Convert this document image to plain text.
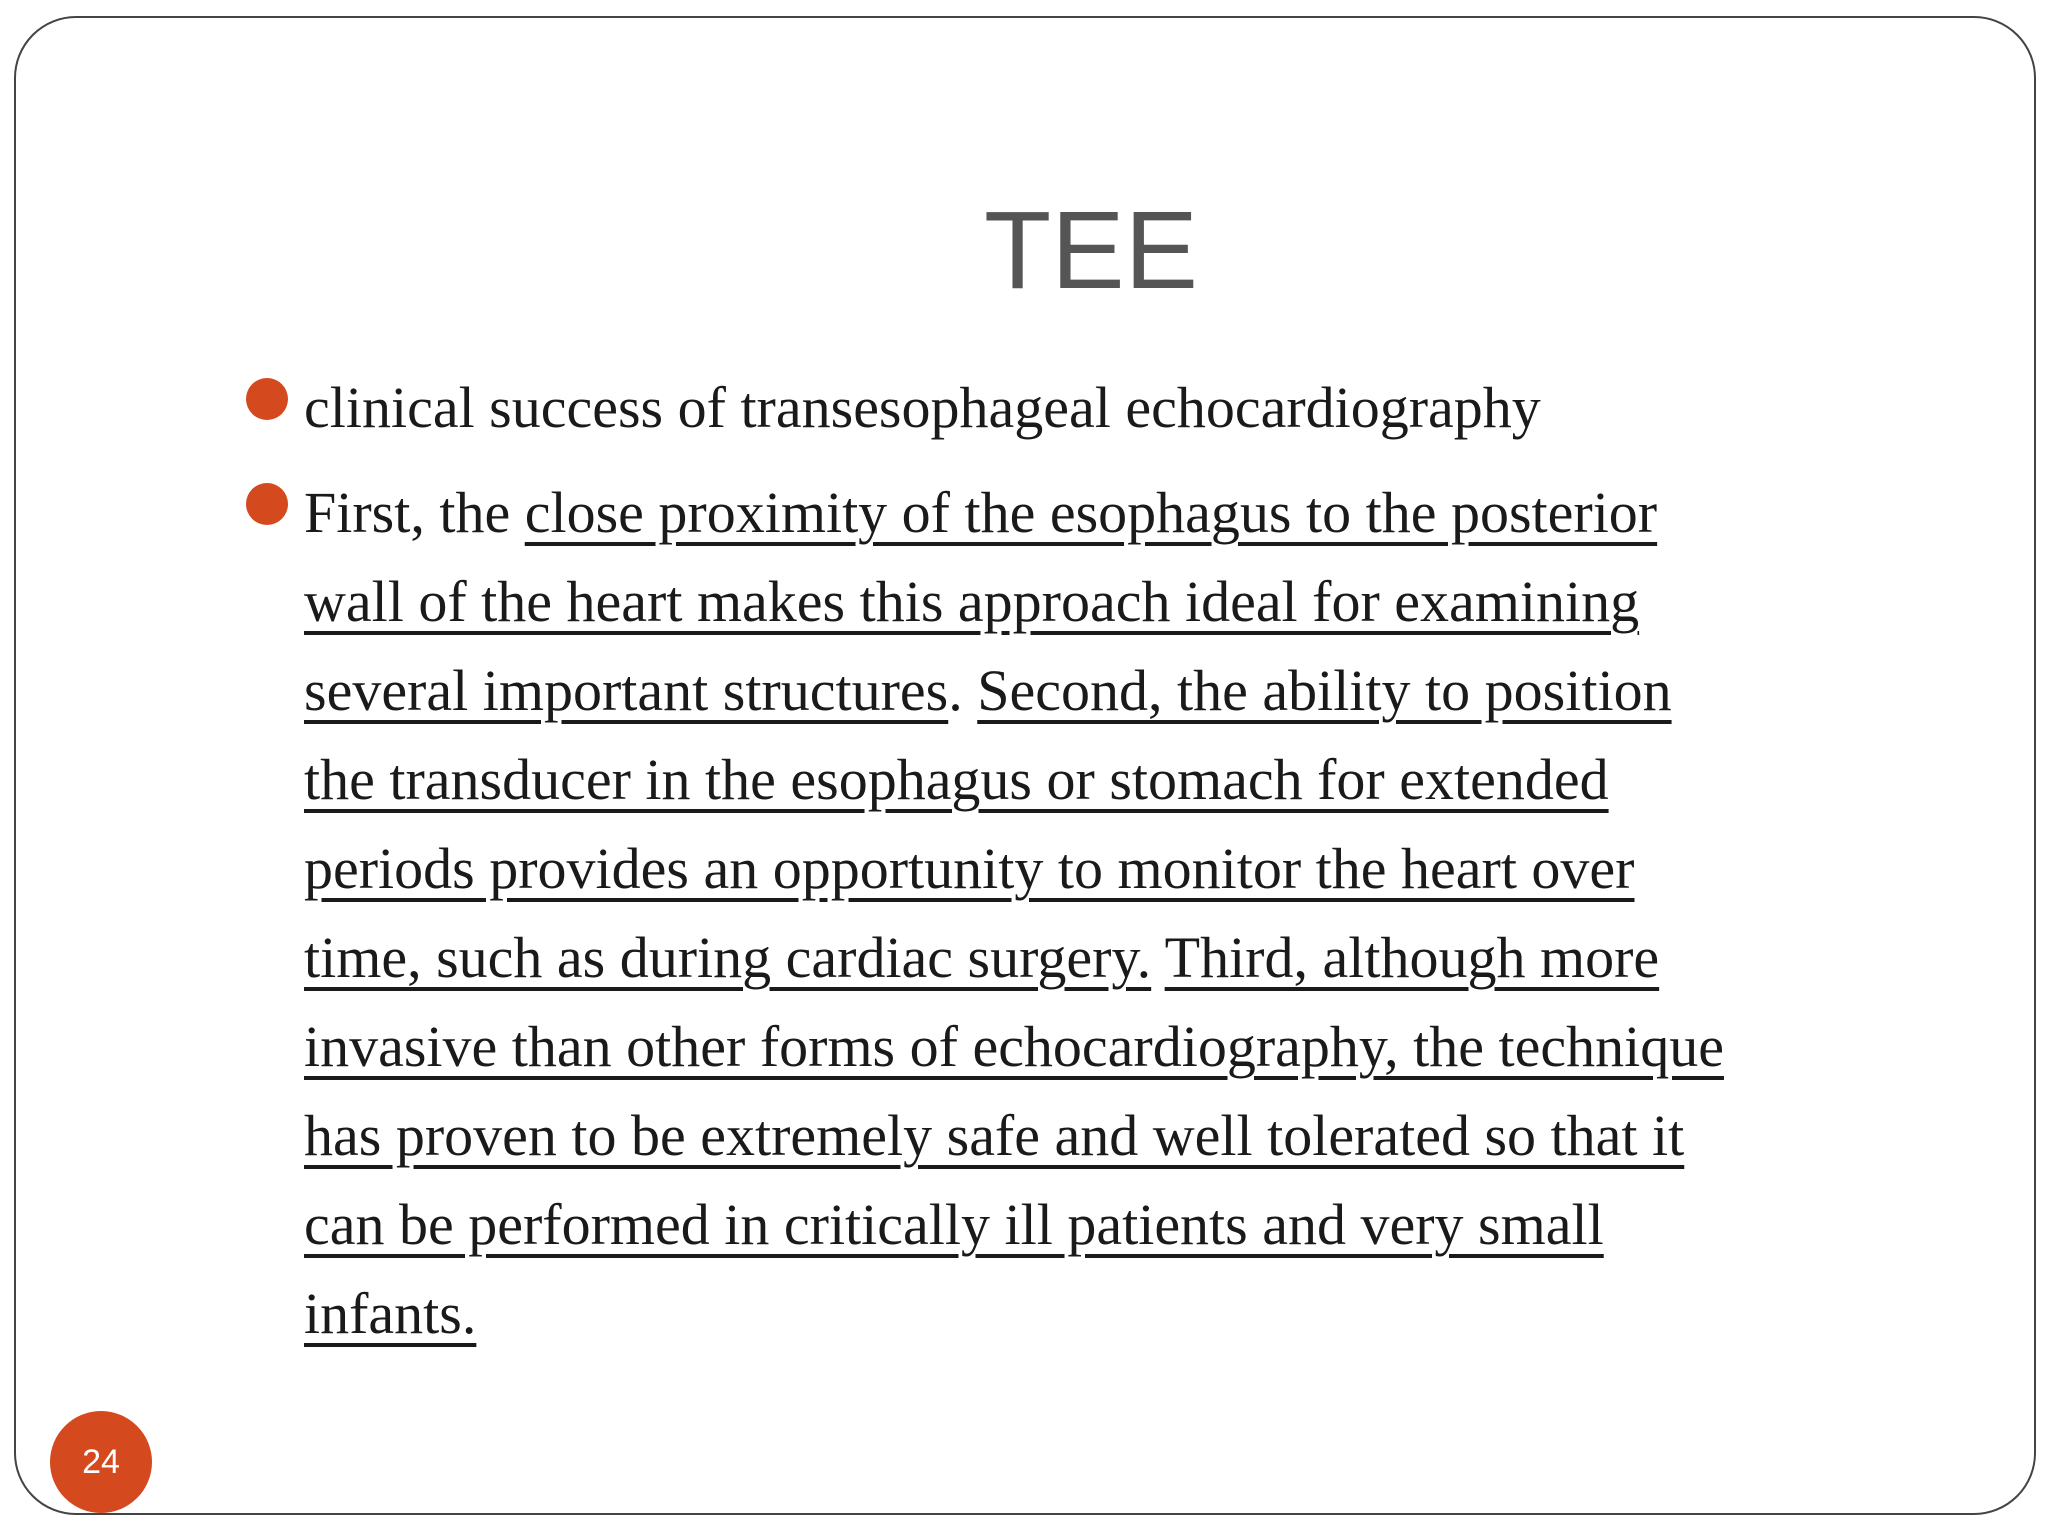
TEE

clinical success of transesophageal echocardiography

First, the close proximity of the esophagus to the posterior
wall of the heart makes this approach ideal for examining
several important structures. Second, the ability to position
the transducer in the esophagus or stomach for extended
periods provides an opportunity to monitor the heart over
time, such as during cardiac surgery. Third, although more
invasive than other forms of echocardiography, the technique
has proven to be extremely safe and well tolerated so that it
can be performed in critically ill patients and very small
infants.

24
